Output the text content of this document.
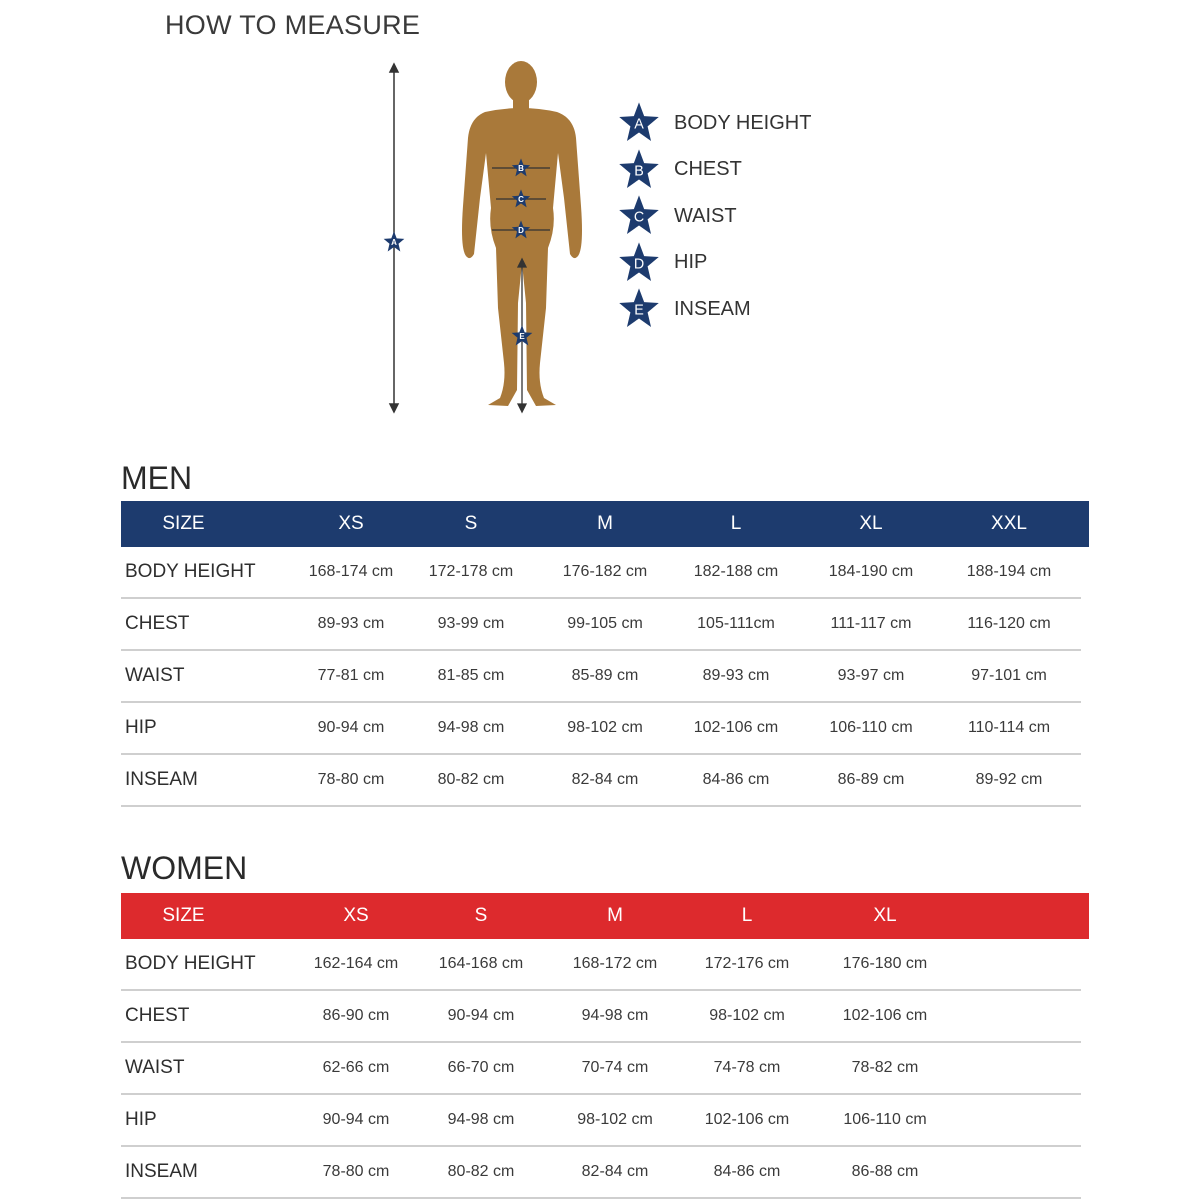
HOW TO MEASURE
A
B
C
D
E
A BODY HEIGHT
B CHEST
C WAIST
D HIP
E INSEAM
MEN
SIZE	XS	S	M	L	XL	XXL
BODY HEIGHT	168-174 cm	172-178 cm	176-182 cm	182-188 cm	184-190 cm	188-194 cm
CHEST	89-93 cm	93-99 cm	99-105 cm	105-111cm	111-117 cm	116-120 cm
WAIST	77-81 cm	81-85 cm	85-89 cm	89-93 cm	93-97 cm	97-101 cm
HIP	90-94 cm	94-98 cm	98-102 cm	102-106 cm	106-110 cm	110-114 cm
INSEAM	78-80 cm	80-82 cm	82-84 cm	84-86 cm	86-89 cm	89-92 cm
WOMEN
SIZE	XS	S	M	L	XL
BODY HEIGHT	162-164 cm	164-168 cm	168-172 cm	172-176 cm	176-180 cm
CHEST	86-90 cm	90-94 cm	94-98 cm	98-102 cm	102-106 cm
WAIST	62-66 cm	66-70 cm	70-74 cm	74-78 cm	78-82 cm
HIP	90-94 cm	94-98 cm	98-102 cm	102-106 cm	106-110 cm
INSEAM	78-80 cm	80-82 cm	82-84 cm	84-86 cm	86-88 cm
